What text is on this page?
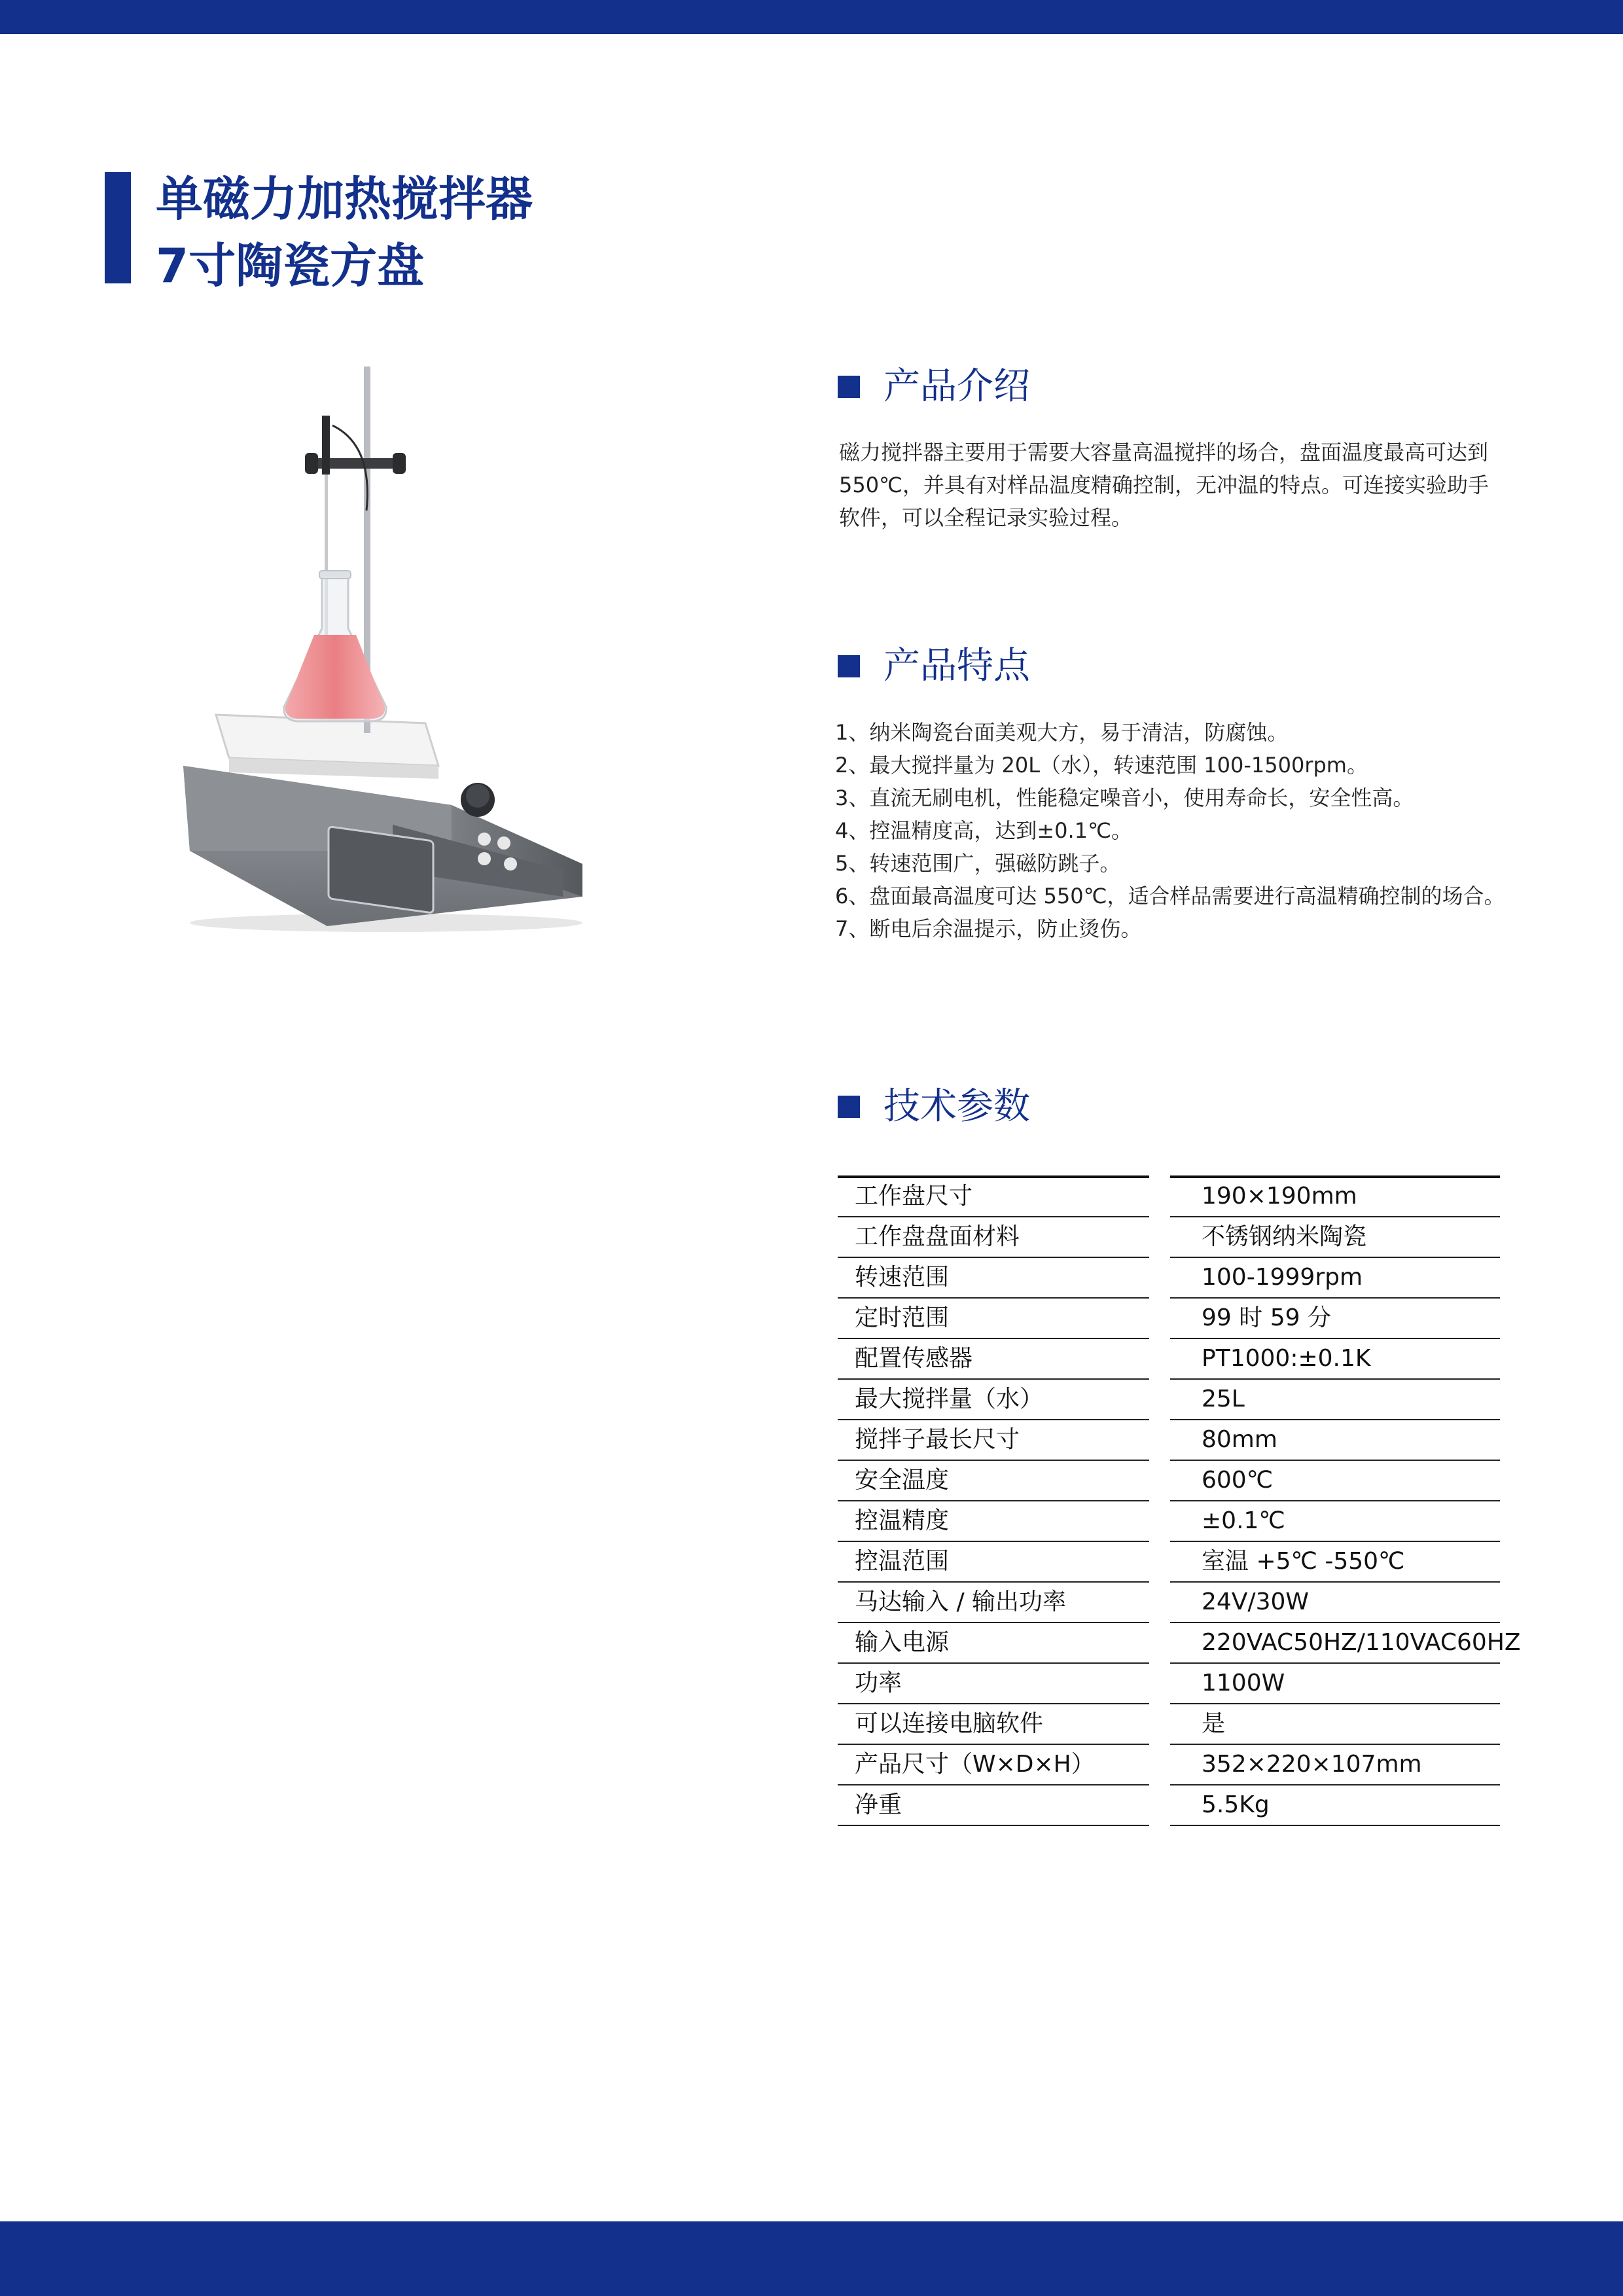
单磁力加热搅拌器
7寸陶瓷方盘
产品介绍
磁力搅拌器主要用于需要大容量高温搅拌的场合，盘面温度最高可达到 550℃，并具有对样品温度精确控制，无冲温的特点。可连接实验助手软件，可以全程记录实验过程。
产品特点
1、纳米陶瓷台面美观大方，易于清洁，防腐蚀。
2、最大搅拌量为 20L（水），转速范围 100-1500rpm。
3、直流无刷电机，性能稳定噪音小，使用寿命长，安全性高。
4、控温精度高，达到±0.1℃。
5、转速范围广，强磁防跳子。
6、盘面最高温度可达 550℃，适合样品需要进行高温精确控制的场合。
7、断电后余温提示，防止烫伤。
技术参数
工作盘尺寸	190×190mm
工作盘盘面材料	不锈钢纳米陶瓷
转速范围	100-1999rpm
定时范围	99 时 59 分
配置传感器	PT1000:±0.1K
最大搅拌量（水）	25L
搅拌子最长尺寸	80mm
安全温度	600℃
控温精度	±0.1℃
控温范围	室温 +5℃ -550℃
马达输入 / 输出功率	24V/30W
输入电源	220VAC50HZ/110VAC60HZ
功率	1100W
可以连接电脑软件	是
产品尺寸（W×D×H）	352×220×107mm
净重	5.5Kg
